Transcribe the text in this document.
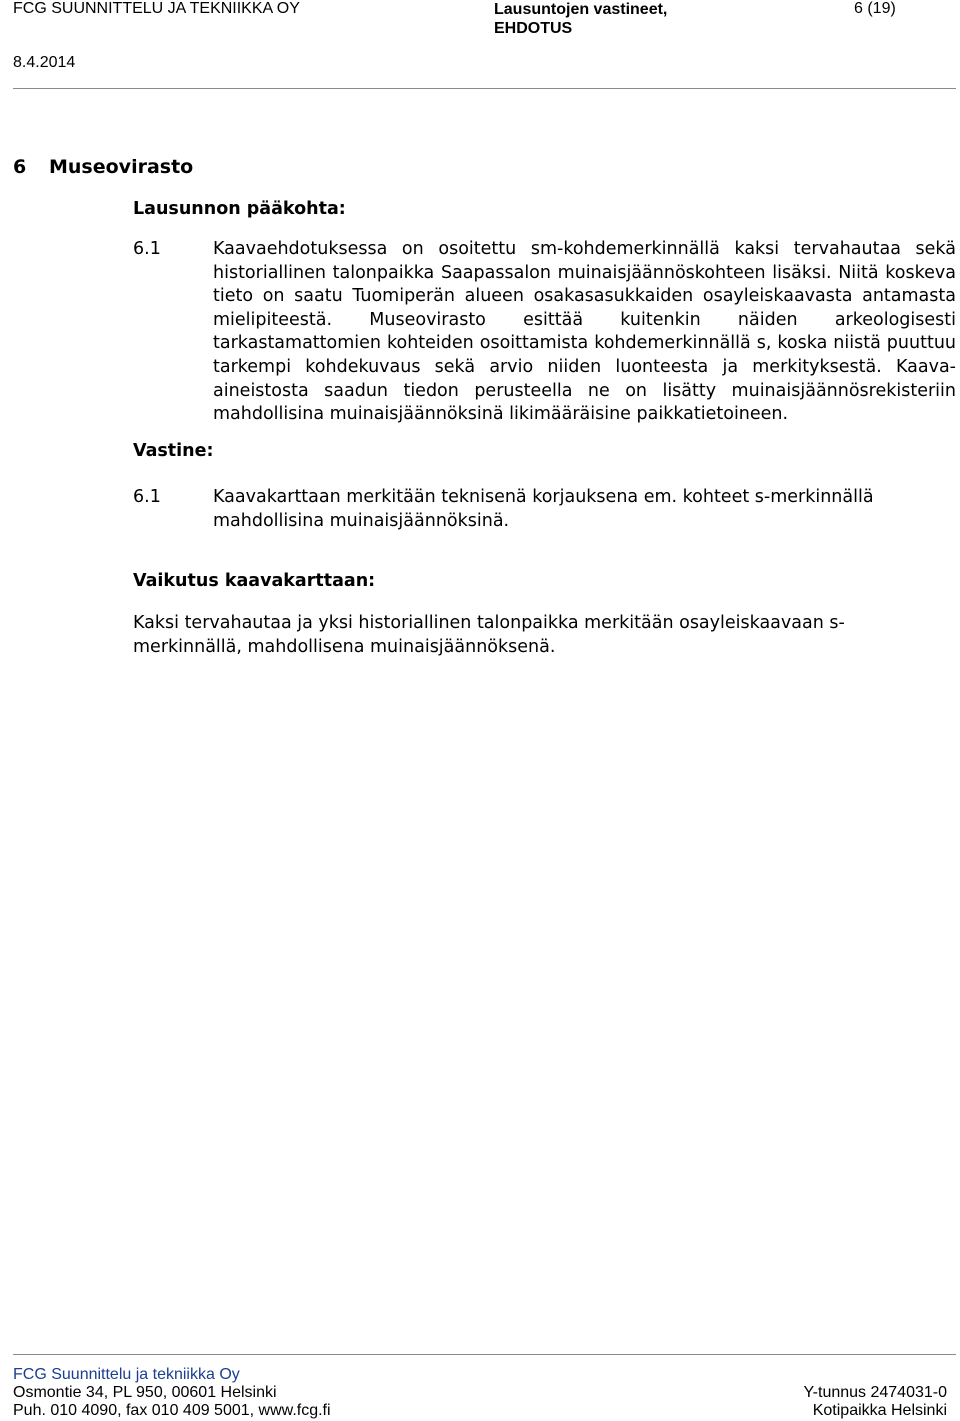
FCG SUUNNITTELU JA TEKNIIKKA OY	Lausuntojen vastineet,
EHDOTUS
6 (19)
8.4.2014
6 Museovirasto
Lausunnon pääkohta:
6.1	Kaavaehdotuksessa on osoitettu sm-kohdemerkinnällä kaksi tervahautaa sekä historiallinen talonpaikka Saapassalon muinaisjäännöskohteen lisäksi. Niitä koskeva tieto on saatu Tuomiperän alueen osakasasukkaiden osayleiskaavasta antamasta mielipiteestä. Museovirasto esittää kuitenkin näiden arkeologisesti tarkastamattomien kohteiden osoittamista kohdemerkinnällä s, koska niistä puuttuu tarkempi kohdekuvaus sekä arvio niiden luonteesta ja merkityksestä. Kaava-aineistosta saadun tiedon perusteella ne on lisätty muinaisjäännösrekisteriin mahdollisina muinaisjäännöksinä likimääräisine paikkatietoineen.
Vastine:
6.1	Kaavakarttaan merkitään teknisenä korjauksena em. kohteet s-merkinnällä mahdollisina muinaisjäännöksinä.
Vaikutus kaavakarttaan:
Kaksi tervahautaa ja yksi historiallinen talonpaikka merkitään osayleiskaavaan s-merkinnällä, mahdollisena muinaisjäännöksenä.
FCG Suunnittelu ja tekniikka Oy
Osmontie 34, PL 950, 00601 Helsinki
Puh. 010 4090, fax 010 409 5001, www.fcg.fi
Y-tunnus 2474031-0
Kotipaikka Helsinki
